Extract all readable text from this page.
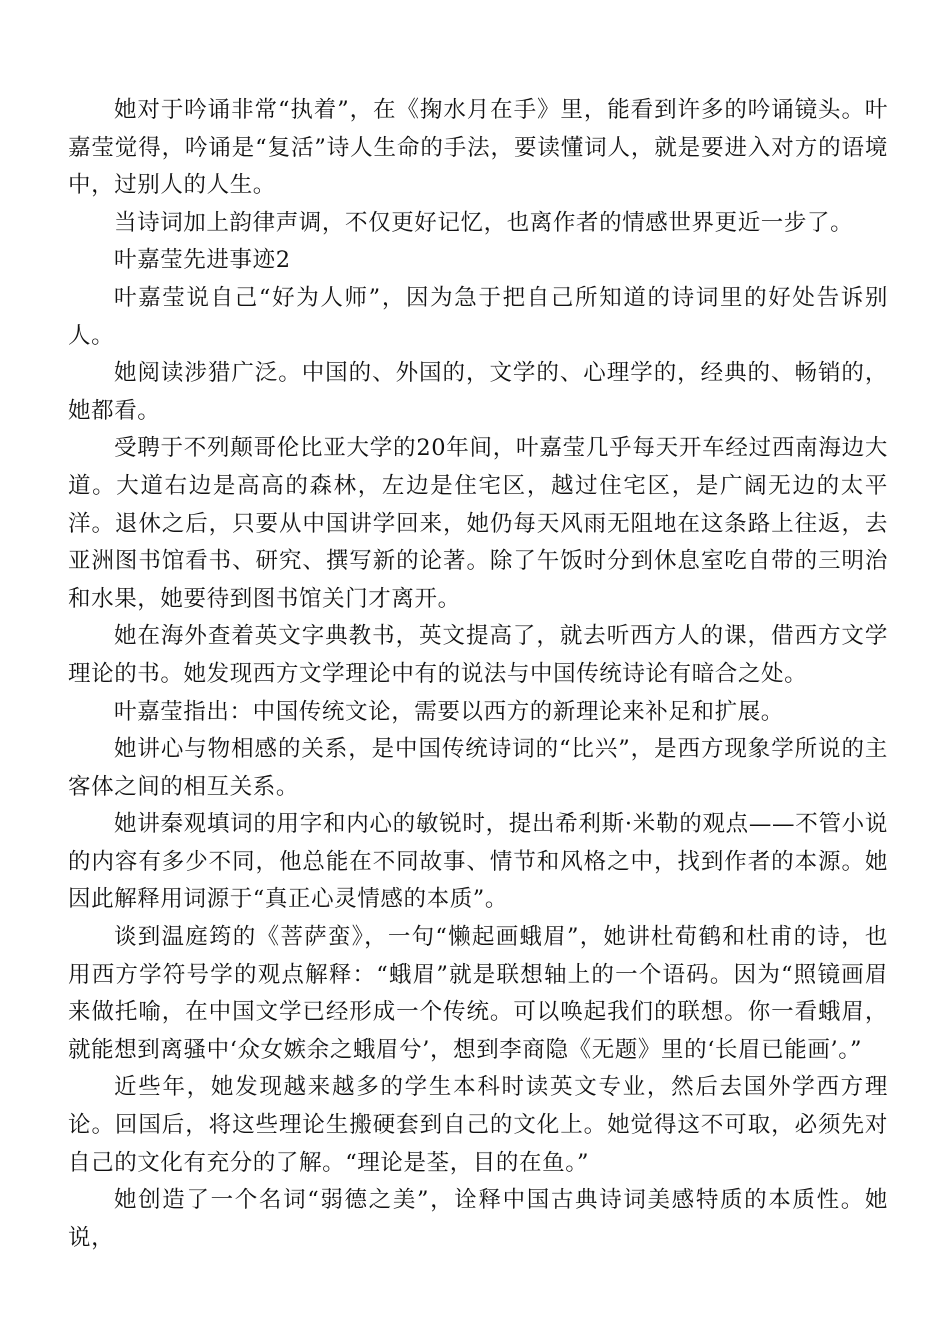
她对于吟诵非常“执着”，在《掬水月在手》里，能看到许多的吟诵镜头。叶嘉莹觉得，吟诵是“复活”诗人生命的手法，要读懂词人，就是要进入对方的语境中，过别人的人生。

当诗词加上韵律声调，不仅更好记忆，也离作者的情感世界更近一步了。

叶嘉莹先进事迹2

叶嘉莹说自己“好为人师”，因为急于把自己所知道的诗词里的好处告诉别人。

她阅读涉猎广泛。中国的、外国的，文学的、心理学的，经典的、畅销的，她都看。

受聘于不列颠哥伦比亚大学的20年间，叶嘉莹几乎每天开车经过西南海边大道。大道右边是高高的森林，左边是住宅区，越过住宅区，是广阔无边的太平洋。退休之后，只要从中国讲学回来，她仍每天风雨无阻地在这条路上往返，去亚洲图书馆看书、研究、撰写新的论著。除了午饭时分到休息室吃自带的三明治和水果，她要待到图书馆关门才离开。

她在海外查着英文字典教书，英文提高了，就去听西方人的课，借西方文学理论的书。她发现西方文学理论中有的说法与中国传统诗论有暗合之处。

叶嘉莹指出：中国传统文论，需要以西方的新理论来补足和扩展。

她讲心与物相感的关系，是中国传统诗词的“比兴”，是西方现象学所说的主客体之间的相互关系。

她讲秦观填词的用字和内心的敏锐时，提出希利斯·米勒的观点——不管小说的内容有多少不同，他总能在不同故事、情节和风格之中，找到作者的本源。她因此解释用词源于“真正心灵情感的本质”。

谈到温庭筠的《菩萨蛮》，一句“懒起画蛾眉”，她讲杜荀鹤和杜甫的诗，也用西方学符号学的观点解释：“蛾眉”就是联想轴上的一个语码。因为“照镜画眉来做托喻，在中国文学已经形成一个传统。可以唤起我们的联想。你一看蛾眉，就能想到离骚中‘众女嫉余之蛾眉兮’，想到李商隐《无题》里的‘长眉已能画’。”

近些年，她发现越来越多的学生本科时读英文专业，然后去国外学西方理论。回国后，将这些理论生搬硬套到自己的文化上。她觉得这不可取，必须先对自己的文化有充分的了解。“理论是荃，目的在鱼。”

她创造了一个名词“弱德之美”，诠释中国古典诗词美感特质的本质性。她说，
